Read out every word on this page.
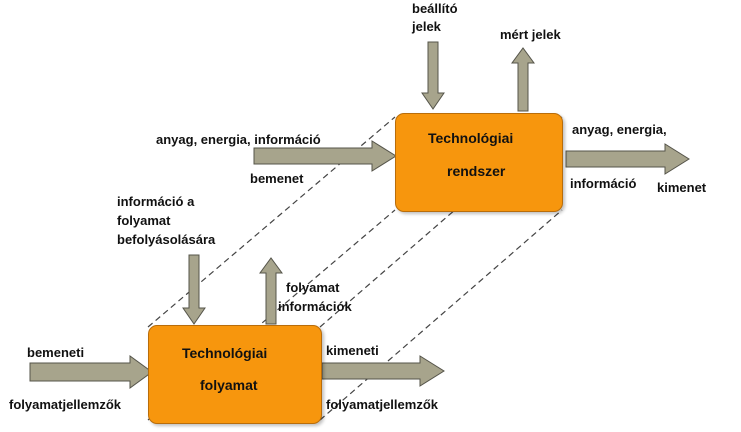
Technológiai
rendszer
Technológiai
folyamat
beállító
jelek
mért jelek
anyag, energia, információ
bemenet
anyag, energia,
információ kimenet
információ a
folyamat
befolyásolására
folyamat
információk
bemeneti
folyamatjellemzők
kimeneti
folyamatjellemzők
